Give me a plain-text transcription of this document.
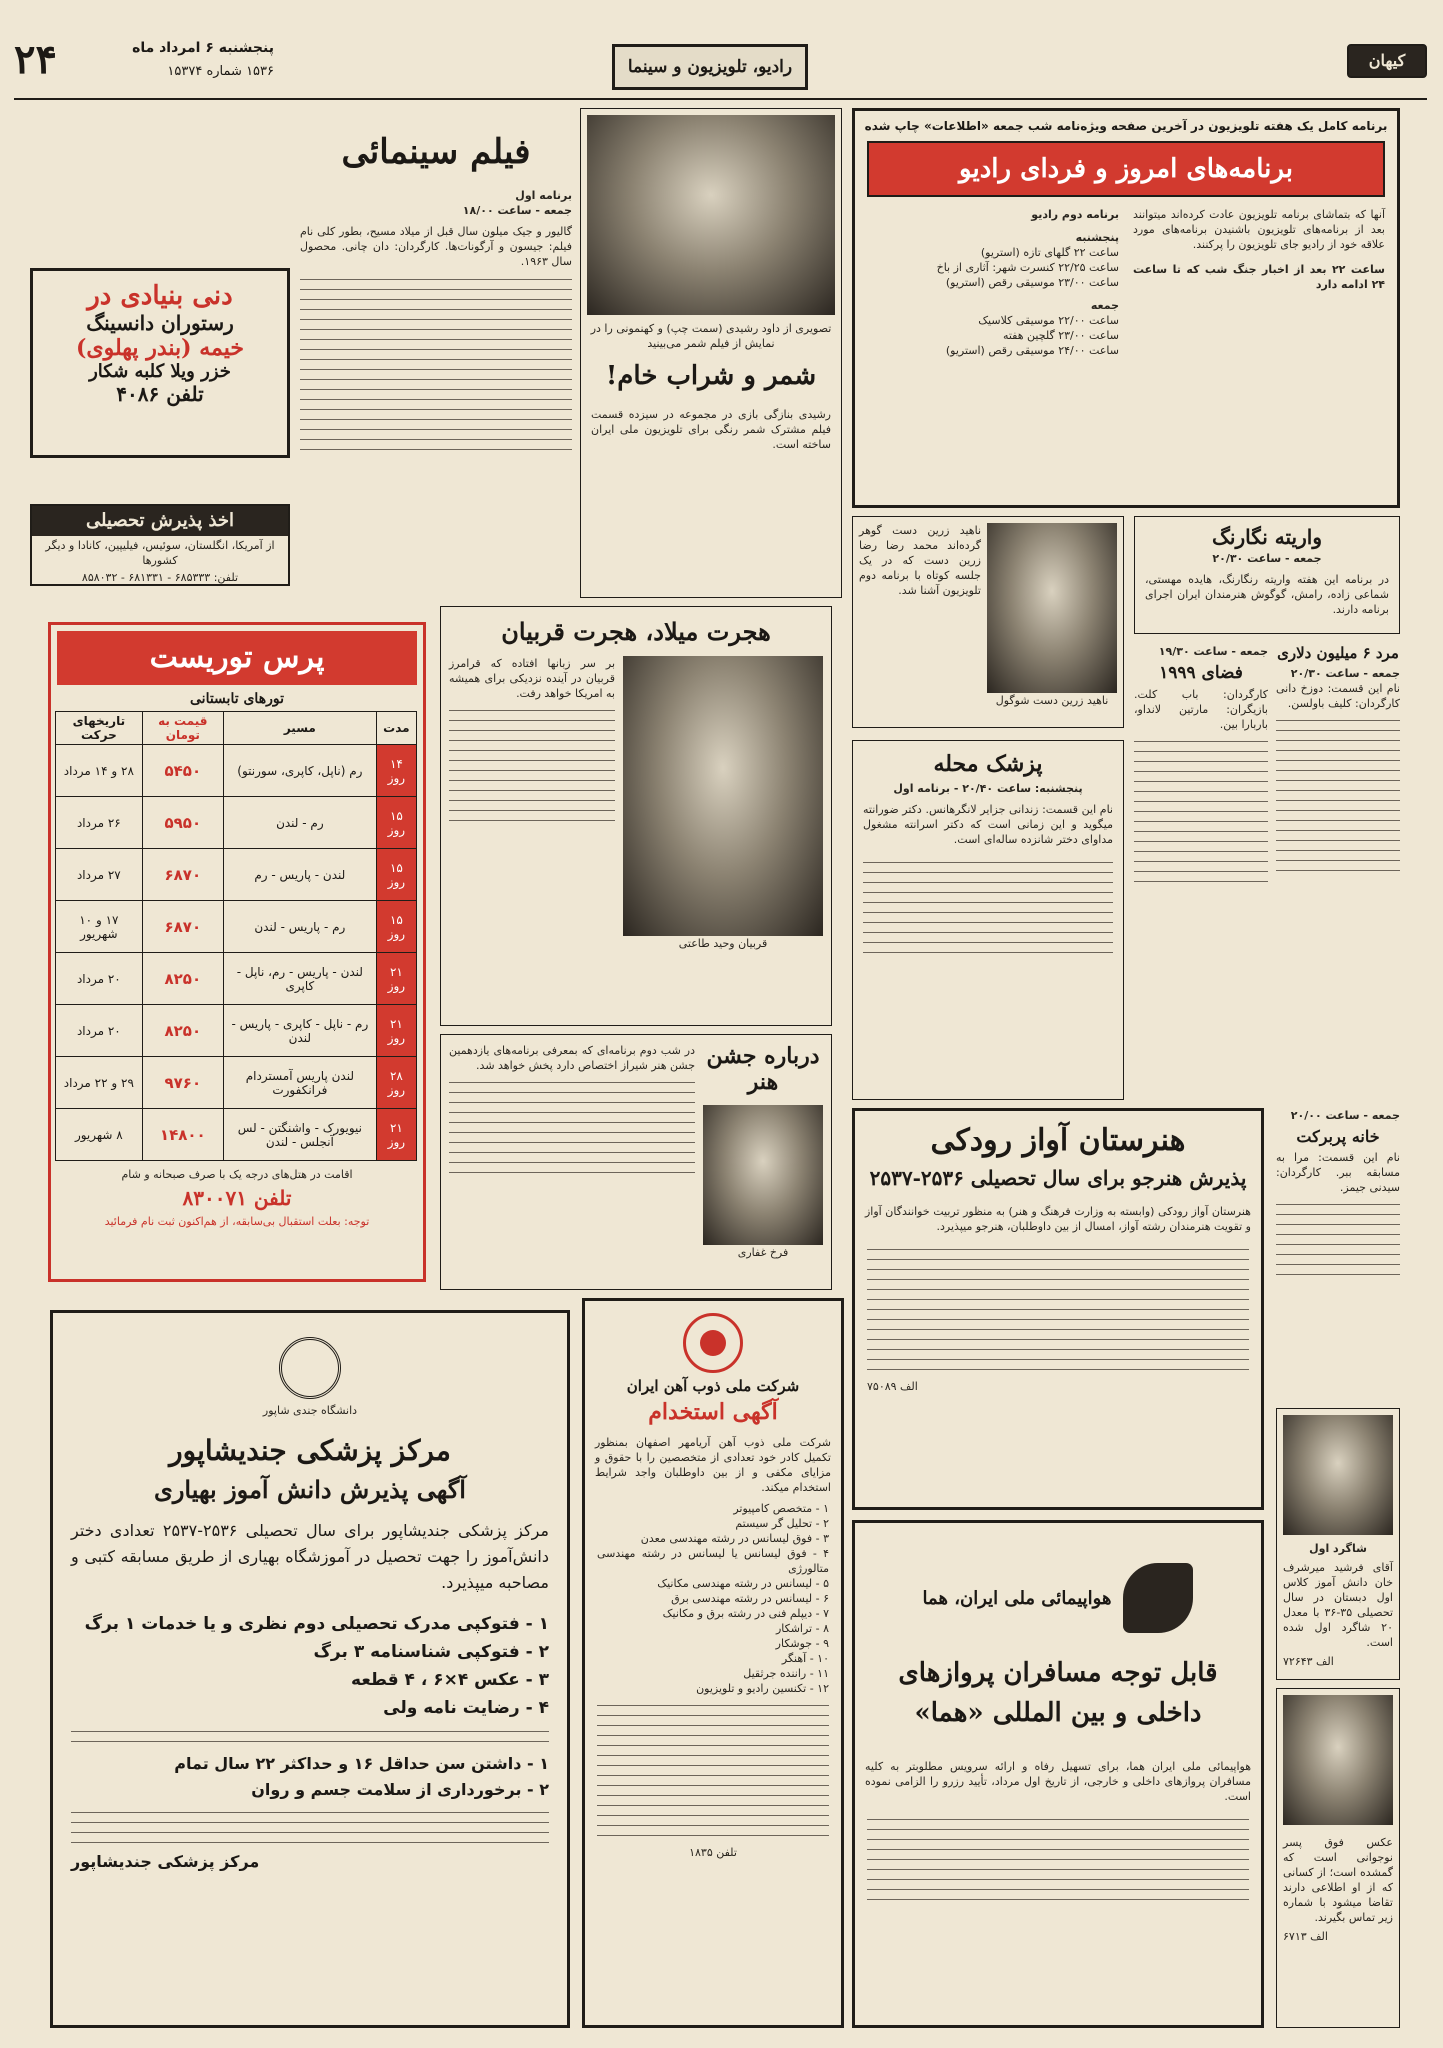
۲۴	پنجشنبه ۶ امرداد ماه
۱۵۳۶ شماره ۱۵۳۷۴	رادیو، تلویزیون و سینما	کیهان
برنامه کامل یک هفته تلویزیون در آخرین صفحه ویژه‌نامه شب جمعه «اطلاعات» چاپ شده
برنامه‌های امروز و فردای رادیو
آنها که بتماشای برنامه تلویزیون عادت کرده‌اند میتوانند بعد از برنامه‌های تلویزیون باشنیدن برنامه‌های مورد علاقه خود از رادیو جای تلویزیون را پرکنند.
ساعت ۲۲ بعد از اخبار جنگ شب که تا ساعت ۲۴ ادامه دارد
برنامه دوم رادیو
پنجشنبه
ساعت ۲۲ گلهای تازه (استریو)
ساعت ۲۲/۲۵ کنسرت شهر: آثاری از باخ
ساعت ۲۳/۰۰ موسیقی رقص (استریو)
جمعه
ساعت ۲۲/۰۰ موسیقی کلاسیک
ساعت ۲۳/۰۰ گلچین هفته
ساعت ۲۴/۰۰ موسیقی رقص (استریو)
تصویری از داود رشیدی (سمت چپ) و کهنمونی را در نمایش از فیلم شمر می‌بینید
شمر و شراب خام!
رشیدی بنازگی بازی در مجموعه در سیزده قسمت فیلم مشترک شمر رنگی برای تلویزیون ملی ایران ساخته است.
فیلم سینمائی
برنامه اول
جمعه - ساعت ۱۸/۰۰
گالیور و جیک میلون سال قبل از میلاد مسیح، بطور کلی نام فیلم: جیسون و آرگونات‌ها. کارگردان: دان چانی. محصول سال ۱۹۶۳.
دنی بنیادی در
رستوران دانسینگ
خیمه (بندر پهلوی)
خزر ویلا کلبه شکار
تلفن ۴۰۸۶
اخذ پذیرش تحصیلی
از آمریکا، انگلستان، سوئیس، فیلیپین، کانادا و دیگر کشورها
تلفن: ۶۸۵۳۳۳ - ۶۸۱۳۳۱ - ۸۵۸۰۳۲
پرس توریست
تورهای تابستانی
مدت	مسیر	قیمت به تومان	تاریخهای حرکت
۱۴ روز	رم (ناپل، کاپری، سورنتو)	۵۴۵۰	۲۸ و ۱۴ مرداد
۱۵ روز	رم - لندن	۵۹۵۰	۲۶ مرداد
۱۵ روز	لندن - پاریس - رم	۶۸۷۰	۲۷ مرداد
۱۵ روز	رم - پاریس - لندن	۶۸۷۰	۱۷ و ۱۰ شهریور
۲۱ روز	لندن - پاریس - رم، ناپل - کاپری	۸۲۵۰	۲۰ مرداد
۲۱ روز	رم - ناپل - کاپری - پاریس - لندن	۸۲۵۰	۲۰ مرداد
۲۸ روز	لندن پاریس آمستردام فرانکفورت	۹۷۶۰	۲۹ و ۲۲ مرداد
۲۱ روز	نیویورک - واشنگتن - لس آنجلس - لندن	۱۴۸۰۰	۸ شهریور
اقامت در هتل‌های درجه یک با صرف صبحانه و شام
تلفن ۸۳۰۰۷۱
توجه: بعلت استقبال بی‌سابقه، از هم‌اکنون ثبت نام فرمائید
هجرت میلاد، هجرت قربیان
قربیان وحید طاعتی
بر سر زبانها افتاده که قرامرز قربیان در آینده نزدیکی برای همیشه به امریکا خواهد رفت.
ناهید زرین دست شوگول
ناهید زرین دست گوهر گرده‌اند محمد رضا رضا زرین دست که در یک جلسه کوتاه با برنامه دوم تلویزیون آشنا شد.
واریته نگارنگ
جمعه - ساعت ۲۰/۳۰
در برنامه این هفته واریته رنگارنگ، هایده مهستی، شماعی زاده، رامش، گوگوش هنرمندان ایران اجرای برنامه دارند.
جمعه - ساعت ۱۹/۳۰
فضای ۱۹۹۹
کارگردان: باب کلت. بازیگران: مارتین لانداو، باربارا بین.
مرد ۶ میلیون دلاری
جمعه - ساعت ۲۰/۳۰
نام این قسمت: دوزخ دانی کارگردان: کلیف باولسن.
پزشک محله
پنجشنبه: ساعت ۲۰/۴۰ - برنامه اول
نام این قسمت: زندانی جزایر لانگرهانس. دکتر ضورانته میگوید و این زمانی است که دکتر اسرانته مشغول مداوای دختر شانزده ساله‌ای است.
درباره جشن هنر
فرخ غفاری
در شب دوم برنامه‌ای که بمعرفی برنامه‌های یازدهمین جشن هنر شیراز اختصاص دارد پخش خواهد شد.
جمعه - ساعت ۲۰/۰۰
خانه پربرکت
نام این قسمت: مرا به مسابقه ببر. کارگردان: سیدنی جیمز.
هنرستان آواز رودکی
پذیرش هنرجو برای سال تحصیلی ۲۵۳۶-۲۵۳۷
هنرستان آواز رودکی (وابسته به وزارت فرهنگ و هنر) به منظور تربیت خوانندگان آواز و تقویت هنرمندان رشته آواز، امسال از بین داوطلبان، هنرجو میپذیرد.
الف ۷۵۰۸۹
شاگرد اول
آقای فرشید میرشرف خان دانش آموز کلاس اول دبستان در سال تحصیلی ۳۵-۳۶ با معدل ۲۰ شاگرد اول شده است.
الف ۷۲۶۴۳
عکس فوق پسر نوجوانی است که گمشده است؛ از کسانی که از او اطلاعی دارند تقاضا میشود با شماره زیر تماس بگیرند.
الف ۶۷۱۳
شرکت ملی ذوب آهن ایران
آگهی استخدام
شرکت ملی ذوب آهن آریامهر اصفهان بمنظور تکمیل کادر خود تعدادی از متخصصین را با حقوق و مزایای مکفی و از بین داوطلبان واجد شرایط استخدام میکند.
۱ - متخصص کامپیوتر
۲ - تحلیل گر سیستم
۳ - فوق لیسانس در رشته مهندسی معدن
۴ - فوق لیسانس یا لیسانس در رشته مهندسی متالورژی
۵ - لیسانس در رشته مهندسی مکانیک
۶ - لیسانس در رشته مهندسی برق
۷ - دیپلم فنی در رشته برق و مکانیک
۸ - تراشکار
۹ - جوشکار
۱۰ - آهنگر
۱۱ - راننده جرثقیل
۱۲ - تکنسین رادیو و تلویزیون
تلفن ۱۸۳۵
هواپیمائی ملی ایران، هما
قابل توجه مسافران پروازهای داخلی و بین المللی «هما»
هواپیمائی ملی ایران هما، برای تسهیل رفاه و ارائه سرویس مطلوبتر به کلیه مسافران پروازهای داخلی و خارجی، از تاریخ اول مرداد، تأیید رزرو را الزامی نموده است.
دانشگاه جندی شاپور
مرکز پزشکی جندیشاپور
آگهی پذیرش دانش آموز بهیاری
مرکز پزشکی جندیشاپور برای سال تحصیلی ۲۵۳۶-۲۵۳۷ تعدادی دختر دانش‌آموز را جهت تحصیل در آموزشگاه بهیاری از طریق مسابقه کتبی و مصاحبه میپذیرد.
۱ - فتوکپی مدرک تحصیلی دوم نظری و یا خدمات ۱ برگ
۲ - فتوکپی شناسنامه ۳ برگ
۳ - عکس ۴×۶ ، ۴ قطعه
۴ - رضایت نامه ولی
۱ - داشتن سن حداقل ۱۶ و حداکثر ۲۲ سال تمام
۲ - برخورداری از سلامت جسم و روان
مرکز پزشکی جندیشاپور
